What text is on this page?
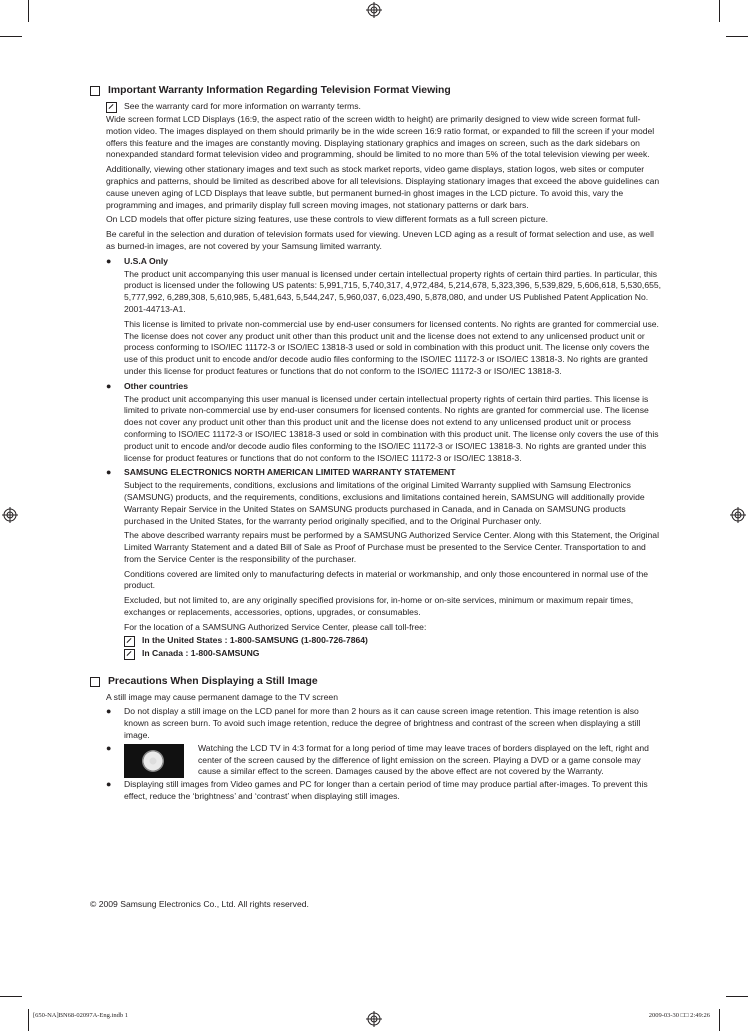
Important Warranty Information Regarding Television Format Viewing
See the warranty card for more information on warranty terms.

Wide screen format LCD Displays (16:9, the aspect ratio of the screen width to height) are primarily designed to view wide screen format full-motion video. The images displayed on them should primarily be in the wide screen 16:9 ratio format, or expanded to fill the screen if your model offers this feature and the images are constantly moving. Displaying stationary graphics and images on screen, such as the dark sidebars on nonexpanded standard format television video and programming, should be limited to no more than 5% of the total television viewing per week.

Additionally, viewing other stationary images and text such as stock market reports, video game displays, station logos, web sites or computer graphics and patterns, should be limited as described above for all televisions. Displaying stationary images that exceed the above guidelines can cause uneven aging of LCD Displays that leave subtle, but permanent burned-in ghost images in the LCD picture. To avoid this, vary the programming and images, and primarily display full screen moving images, not stationary patterns or dark bars.

On LCD models that offer picture sizing features, use these controls to view different formats as a full screen picture.

Be careful in the selection and duration of television formats used for viewing. Uneven LCD aging as a result of format selection and use, as well as burned-in images, are not covered by your Samsung limited warranty.

●	U.S.A Only

The product unit accompanying this user manual is licensed under certain intellectual property rights of certain third parties. In particular, this product is licensed under the following US patents: 5,991,715, 5,740,317, 4,972,484, 5,214,678, 5,323,396, 5,539,829, 5,606,618, 5,530,655, 5,777,992, 6,289,308, 5,610,985, 5,481,643, 5,544,247, 5,960,037, 6,023,490, 5,878,080, and under US Published Patent Application No. 2001-44713-A1.

This license is limited to private non-commercial use by end-user consumers for licensed contents. No rights are granted for commercial use. The license does not cover any product unit other than this product unit and the license does not extend to any unlicensed product unit or process conforming to ISO/IEC 11172-3 or ISO/IEC 13818-3 used or sold in combination with this product unit. The license only covers the use of this product unit to encode and/or decode audio files conforming to the ISO/IEC 11172-3 or ISO/IEC 13818-3. No rights are granted under this license for product features or functions that do not conform to the ISO/IEC 11172-3 or ISO/IEC 13818-3.

●	Other countries

The product unit accompanying this user manual is licensed under certain intellectual property rights of certain third parties. This license is limited to private non-commercial use by end-user consumers for licensed contents. No rights are granted for commercial use. The license does not cover any product unit other than this product unit and the license does not extend to any unlicensed product unit or process conforming to ISO/IEC 11172-3 or ISO/IEC 13818-3 used or sold in combination with this product unit. The license only covers the use of this product unit to encode and/or decode audio files conforming to the ISO/IEC 11172-3 or ISO/IEC 13818-3. No rights are granted under this license for product features or functions that do not conform to the ISO/IEC 11172-3 or ISO/IEC 13818-3.

●	SAMSUNG ELECTRONICS NORTH AMERICAN LIMITED WARRANTY STATEMENT

Subject to the requirements, conditions, exclusions and limitations of the original Limited Warranty supplied with Samsung Electronics (SAMSUNG) products, and the requirements, conditions, exclusions and limitations contained herein, SAMSUNG will additionally provide Warranty Repair Service in the United States on SAMSUNG products purchased in Canada, and in Canada on SAMSUNG products purchased in the United States, for the warranty period originally specified, and to the Original Purchaser only.

The above described warranty repairs must be performed by a SAMSUNG Authorized Service Center. Along with this Statement, the Original Limited Warranty Statement and a dated Bill of Sale as Proof of Purchase must be presented to the Service Center. Transportation to and from the Service Center is the responsibility of the purchaser.

Conditions covered are limited only to manufacturing defects in material or workmanship, and only those encountered in normal use of the product.

Excluded, but not limited to, are any originally specified provisions for, in-home or on-site services, minimum or maximum repair times, exchanges or replacements, accessories, options, upgrades, or consumables.

For the location of a SAMSUNG Authorized Service Center, please call toll-free:

In the United States : 1-800-SAMSUNG (1-800-726-7864)
In Canada : 1-800-SAMSUNG
Precautions When Displaying a Still Image

A still image may cause permanent damage to the TV screen

●	Do not display a still image on the LCD panel for more than 2 hours as it can cause screen image retention. This image retention is also known as screen burn. To avoid such image retention, reduce the degree of brightness and contrast of the screen when displaying a still image.
●	Watching the LCD TV in 4:3 format for a long period of time may leave traces of borders displayed on the left, right and center of the screen caused by the difference of light emission on the screen. Playing a DVD or a game console may cause a similar effect to the screen. Damages caused by the above effect are not covered by the Warranty.
●	Displaying still images from Video games and PC for longer than a certain period of time may produce partial after-images. To prevent this effect, reduce the ‘brightness’ and ‘contrast’ when displaying still images.
© 2009 Samsung Electronics Co., Ltd. All rights reserved.
[650-NA]BN68-02097A-Eng.indb 1	2009-03-30 □□ 2:49:26
